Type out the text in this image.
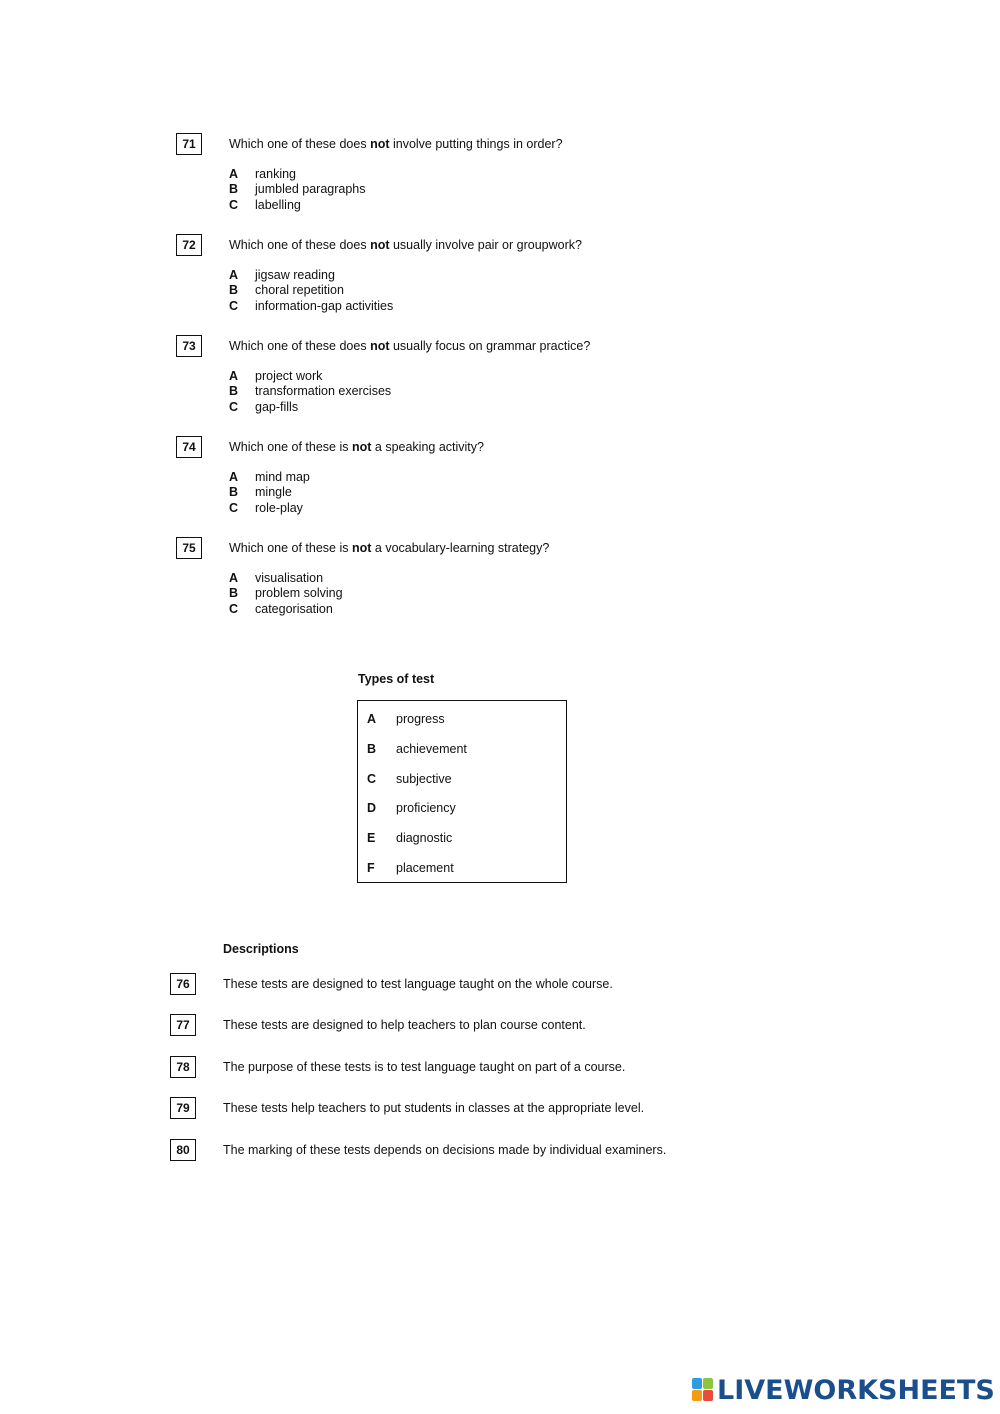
71	Which one of these does not involve putting things in order?
A ranking
B jumbled paragraphs
C labelling
72	Which one of these does not usually involve pair or groupwork?
A jigsaw reading
B choral repetition
C information-gap activities
73	Which one of these does not usually focus on grammar practice?
A project work
B transformation exercises
C gap-fills
74	Which one of these is not a speaking activity?
A mind map
B mingle
C role-play
75	Which one of these is not a vocabulary-learning strategy?
A visualisation
B problem solving
C categorisation
Types of test
A progress
B achievement
C subjective
D proficiency
E diagnostic
F placement
Descriptions
76	These tests are designed to test language taught on the whole course.
77	These tests are designed to help teachers to plan course content.
78	The purpose of these tests is to test language taught on part of a course.
79	These tests help teachers to put students in classes at the appropriate level.
80	The marking of these tests depends on decisions made by individual examiners.
LIVEWORKSHEETS
